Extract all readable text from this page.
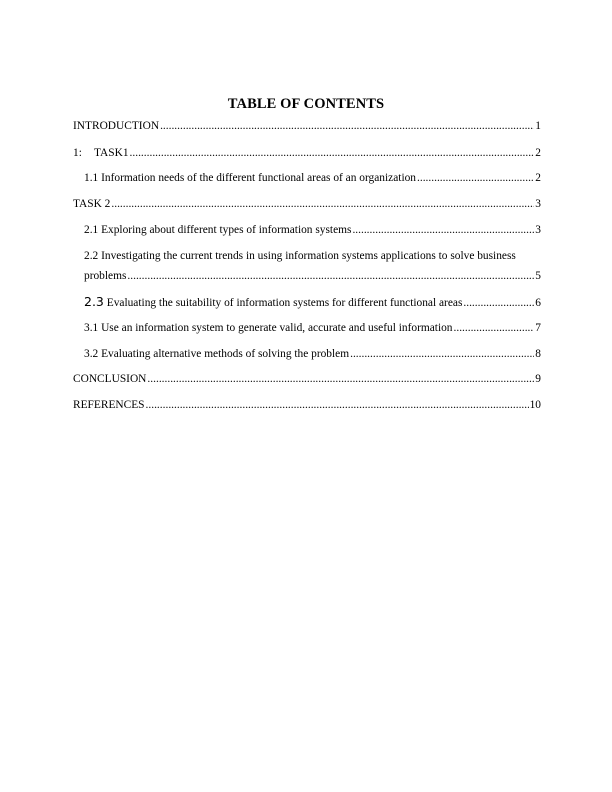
TABLE OF CONTENTS
INTRODUCTION .....	1
1: TASK1 .....	2
1.1 Information needs of the different functional areas of an organization .....	2
TASK 2 .....	3
2.1 Exploring about different types of information systems .....	3
2.2 Investigating the current trends in using information systems applications to solve business
problems .....	5
2.3 Evaluating the suitability of information systems for different functional areas .....	6
3.1 Use an information system to generate valid, accurate and useful information .....	7
3.2 Evaluating alternative methods of solving the problem .....	8
CONCLUSION .....	9
REFERENCES .....	10
